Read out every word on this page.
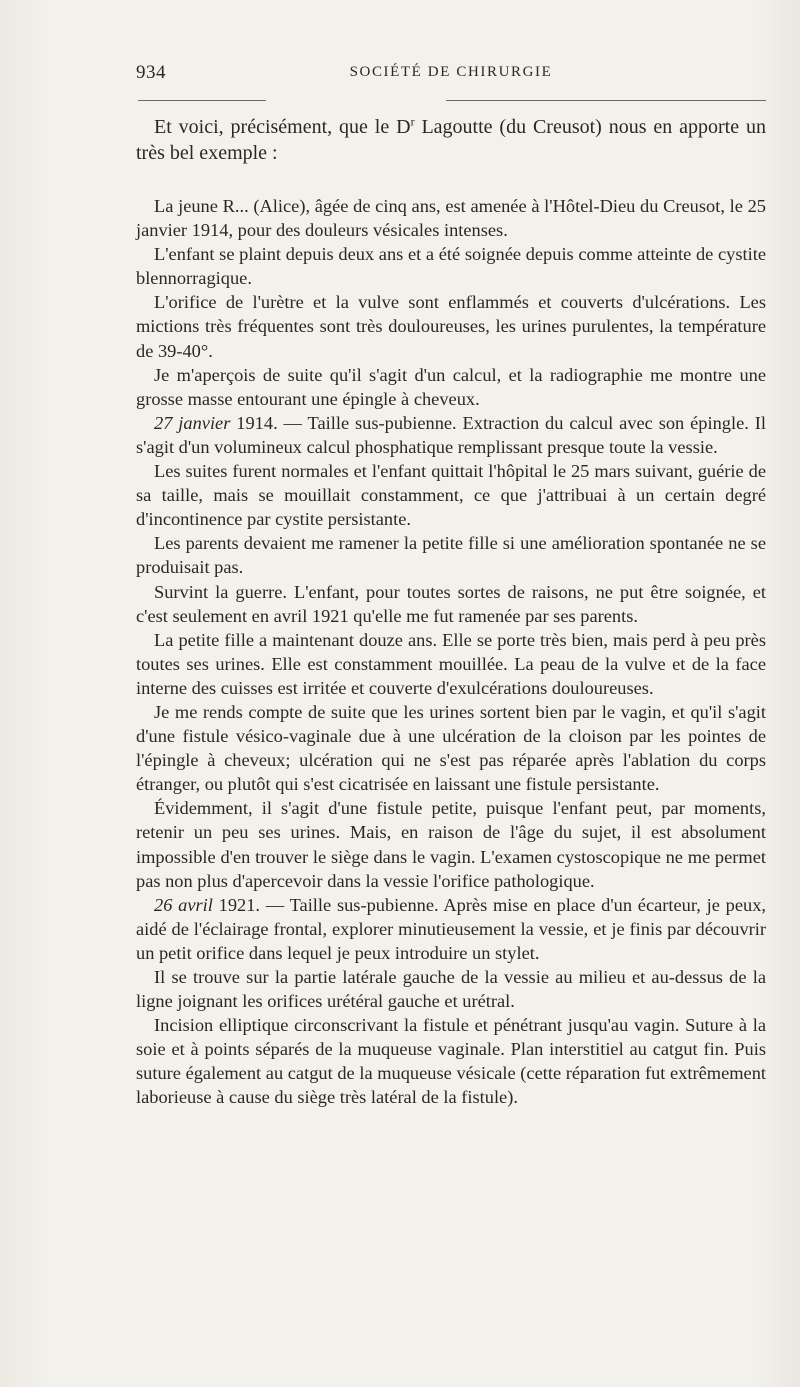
934	SOCIÉTÉ DE CHIRURGIE

Et voici, précisément, que le $D^r$ Lagoutte (du Creusot) nous en apporte un très bel exemple :

La jeune R... (Alice), âgée de cinq ans, est amenée à l'Hôtel-Dieu du Creusot, le 25 janvier 1914, pour des douleurs vésicales intenses.

L'enfant se plaint depuis deux ans et a été soignée depuis comme atteinte de cystite blennorragique.

L'orifice de l'urètre et la vulve sont enflammés et couverts d'ulcérations. Les mictions très fréquentes sont très douloureuses, les urines purulentes, la température de 39-40°.

Je m'aperçois de suite qu'il s'agit d'un calcul, et la radiographie me montre une grosse masse entourant une épingle à cheveux.

27 janvier 1914. — Taille sus-pubienne. Extraction du calcul avec son épingle. Il s'agit d'un volumineux calcul phosphatique remplissant presque toute la vessie.

Les suites furent normales et l'enfant quittait l'hôpital le 25 mars suivant, guérie de sa taille, mais se mouillait constamment, ce que j'attribuai à un certain degré d'incontinence par cystite persistante.

Les parents devaient me ramener la petite fille si une amélioration spontanée ne se produisait pas.

Survint la guerre. L'enfant, pour toutes sortes de raisons, ne put être soignée, et c'est seulement en avril 1921 qu'elle me fut ramenée par ses parents.

La petite fille a maintenant douze ans. Elle se porte très bien, mais perd à peu près toutes ses urines. Elle est constamment mouillée. La peau de la vulve et de la face interne des cuisses est irritée et couverte d'exulcérations douloureuses.

Je me rends compte de suite que les urines sortent bien par le vagin, et qu'il s'agit d'une fistule vésico-vaginale due à une ulcération de la cloison par les pointes de l'épingle à cheveux; ulcération qui ne s'est pas réparée après l'ablation du corps étranger, ou plutôt qui s'est cicatrisée en laissant une fistule persistante.

Évidemment, il s'agit d'une fistule petite, puisque l'enfant peut, par moments, retenir un peu ses urines. Mais, en raison de l'âge du sujet, il est absolument impossible d'en trouver le siège dans le vagin. L'examen cystoscopique ne me permet pas non plus d'apercevoir dans la vessie l'orifice pathologique.

26 avril 1921. — Taille sus-pubienne. Après mise en place d'un écarteur, je peux, aidé de l'éclairage frontal, explorer minutieusement la vessie, et je finis par découvrir un petit orifice dans lequel je peux introduire un stylet.

Il se trouve sur la partie latérale gauche de la vessie au milieu et au-dessus de la ligne joignant les orifices urétéral gauche et urétral.

Incision elliptique circonscrivant la fistule et pénétrant jusqu'au vagin. Suture à la soie et à points séparés de la muqueuse vaginale. Plan interstitiel au catgut fin. Puis suture également au catgut de la muqueuse vésicale (cette réparation fut extrêmement laborieuse à cause du siège très latéral de la fistule).
